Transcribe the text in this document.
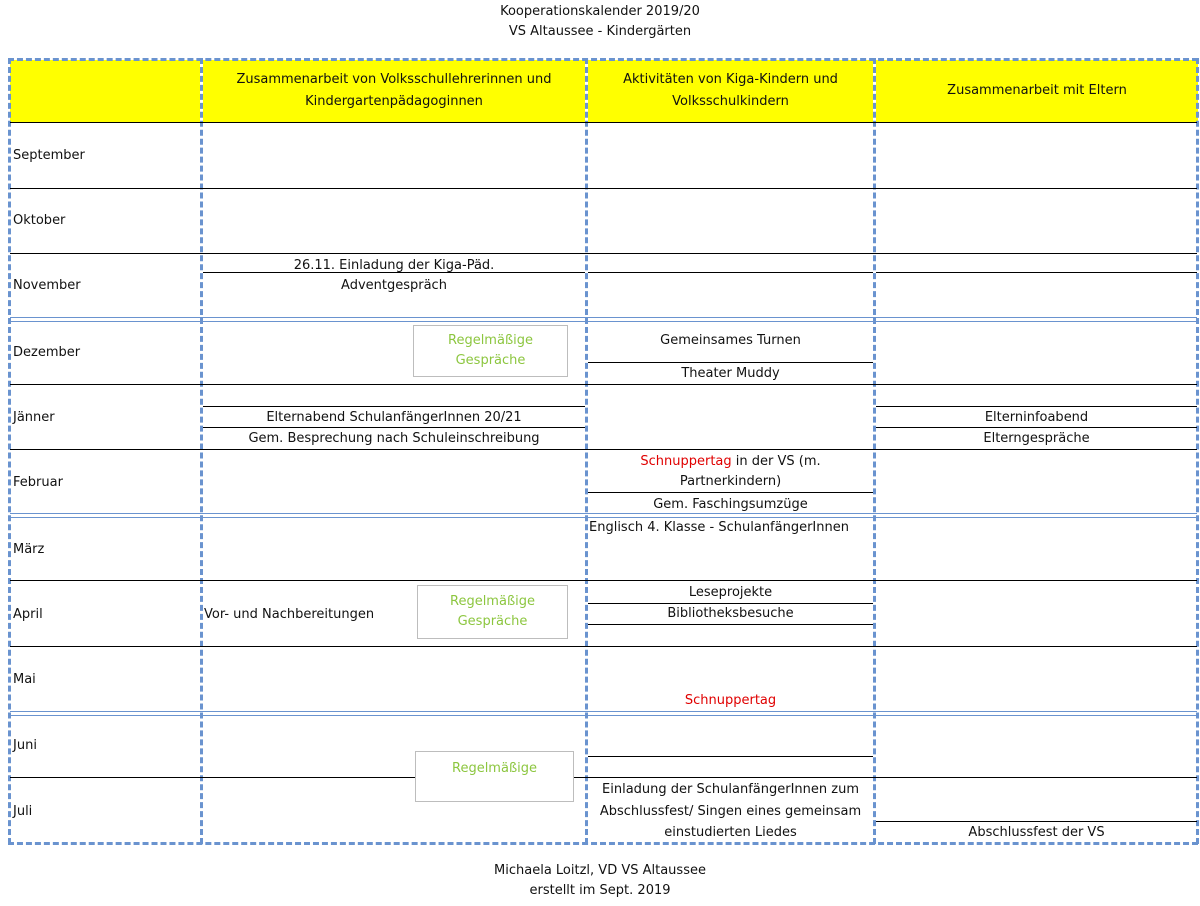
Kooperationskalender 2019/20
VS Altaussee - Kindergärten
Zusammenarbeit von Volksschullehrerinnen und Kindergartenpädagoginnen
Aktivitäten von Kiga-Kindern und Volksschulkindern
Zusammenarbeit mit Eltern
September
Oktober
November
Dezember
Jänner
Februar
März
April
Mai
Juni
Juli
26.11. Einladung der Kiga-Päd.
Adventgespräch
Elternabend SchulanfängerInnen 20/21
Gem. Besprechung nach Schuleinschreibung
Vor- und Nachbereitungen
Gemeinsames Turnen
Theater Muddy
Schnuppertag in der VS (m.
Partnerkindern)
Gem. Faschingsumzüge
Englisch 4. Klasse - SchulanfängerInnen
Leseprojekte
Bibliotheksbesuche
Schnuppertag
Einladung der SchulanfängerInnen zum
Abschlussfest/ Singen eines gemeinsam
einstudierten Liedes
Elterninfoabend
Elterngespräche
Abschlussfest der VS
Regelmäßige
Gespräche
Regelmäßige
Gespräche
Regelmäßige
Michaela Loitzl, VD VS Altaussee
erstellt im Sept. 2019
